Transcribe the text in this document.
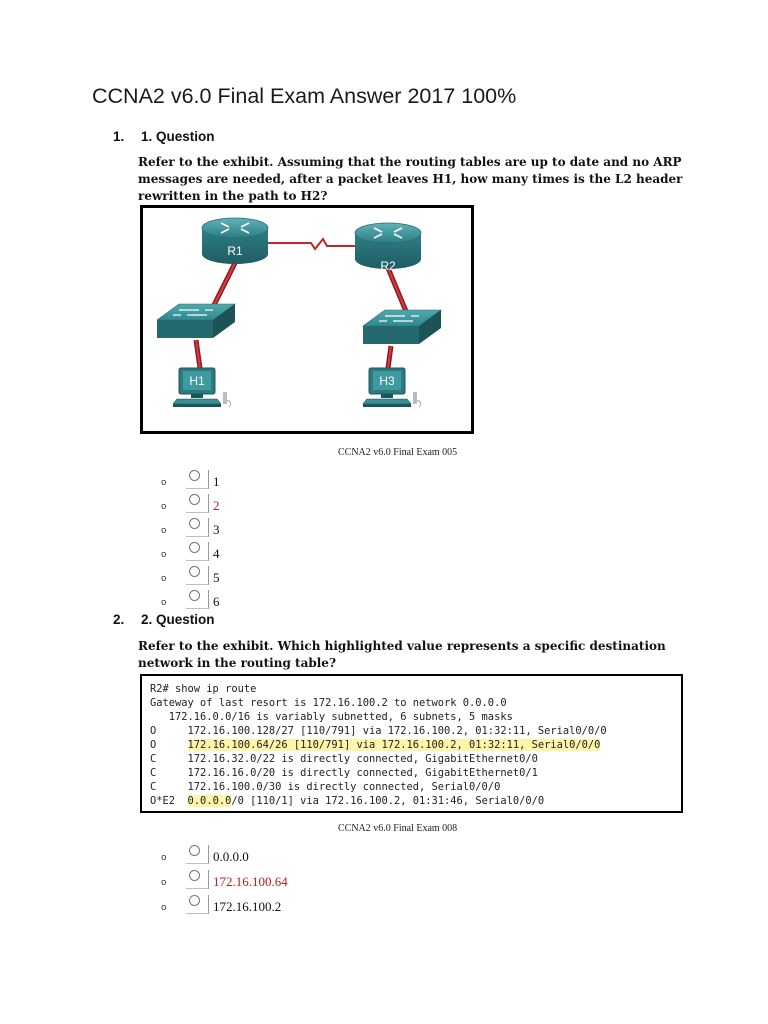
CCNA2 v6.0 Final Exam Answer 2017 100%
1. 1. Question
Refer to the exhibit. Assuming that the routing tables are up to date and no ARP messages are needed, after a packet leaves H1, how many times is the L2 header rewritten in the path to H2?
R1
R2
H1	H3
CCNA2 v6.0 Final Exam 005
o	1
o	2
o	3
o	4
o	5
o	6
2. 2. Question
Refer to the exhibit. Which highlighted value represents a specific destination network in the routing table?
R2# show ip route
Gateway of last resort is 172.16.100.2 to network 0.0.0.0
172.16.0.0/16 is variably subnetted, 6 subnets, 5 masks
O     172.16.100.128/27 [110/791] via 172.16.100.2, 01:32:11, Serial0/0/0
O     172.16.100.64/26 [110/791] via 172.16.100.2, 01:32:11, Serial0/0/0
C     172.16.32.0/22 is directly connected, GigabitEthernet0/0
C     172.16.16.0/20 is directly connected, GigabitEthernet0/1
C     172.16.100.0/30 is directly connected, Serial0/0/0
O*E2  0.0.0.0/0 [110/1] via 172.16.100.2, 01:31:46, Serial0/0/0
CCNA2 v6.0 Final Exam 008
o	0.0.0.0
o	172.16.100.64
o	172.16.100.2
